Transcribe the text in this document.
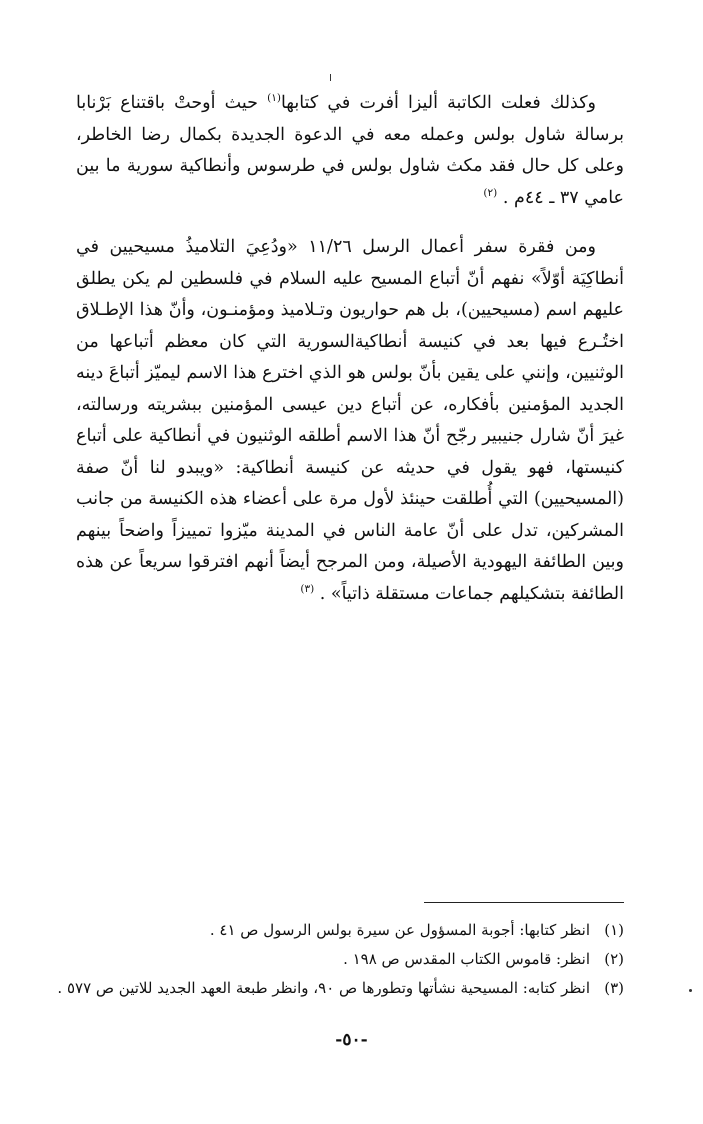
وكذلك فعلت الكاتبة أليزا أفرت في كتابها$^{(١)}$ حيث أوحتْ باقتناع بَرْنابا برسالة شاول بولس وعمله معه في الدعوة الجديدة بكمال رضا الخاطر، وعلى كل حال فقد مكث شاول بولس في طرسوس وأنطاكية سورية ما بين عامي ٣٧ ـ ٤٤م . $^{(٢)}$

ومن فقرة سفر أعمال الرسل ١١/٢٦ «ودُعِيَ التلاميذُ مسيحيين في أنطاكِيَة أوّلاً» نفهم أنّ أتباع المسيح عليه السلام في فلسطين لم يكن يطلق عليهم اسم (مسيحيين)، بل هم حواريون وتـلاميذ ومؤمنـون، وأنّ هذا الإطـلاق اختُـرع فيها بعد في كنيسة أنطاكيةالسورية التي كان معظم أتباعها من الوثنيين، وإنني على يقين بأنّ بولس هو الذي اخترع هذا الاسم ليميّز أتباعَ دينه الجديد المؤمنين بأفكاره، عن أتباع دين عيسى المؤمنين ببشريته ورسالته، غيرَ أنّ شارل جنيبير رجّح أنّ هذا الاسم أطلقه الوثنيون في أنطاكية على أتباع كنيستها، فهو يقول في حديثه عن كنيسة أنطاكية: «ويبدو لنا أنّ صفة (المسيحيين) التي أُطلقت حينئذ لأول مرة على أعضاء هذه الكنيسة من جانب المشركين، تدل على أنّ عامة الناس في المدينة ميّزوا تمييزاً واضحاً بينهم وبين الطائفة اليهودية الأصيلة، ومن المرجح أيضاً أنهم افترقوا سريعاً عن هذه الطائفة بتشكيلهم جماعات مستقلة ذاتياً» . $^{(٣)}$

(١)
انظر كتابها: أجوبة المسؤول عن سيرة بولس الرسول ص ٤١ .
(٢)
انظر: قاموس الكتاب المقدس ص ١٩٨ .
(٣)
انظر كتابه: المسيحية نشأتها وتطورها ص ٩٠، وانظر طبعة العهد الجديد للاتين ص ٥٧٧ .
-٥٠-
